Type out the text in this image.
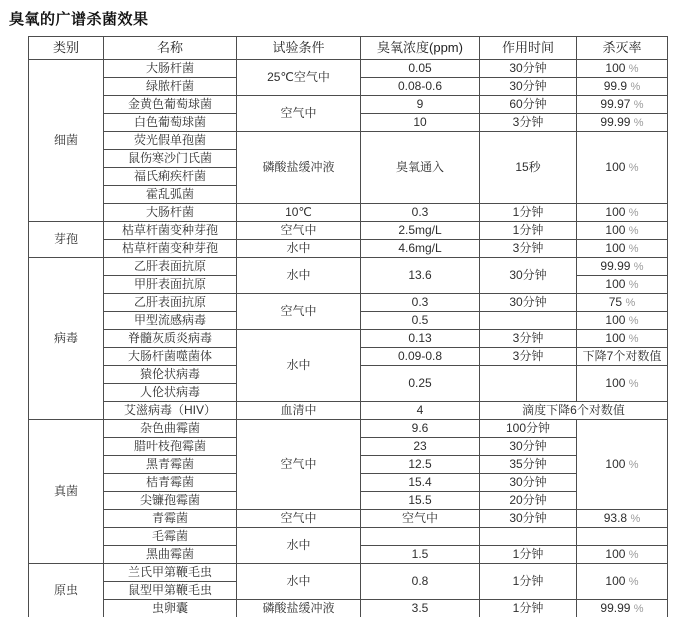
臭氧的广谱杀菌效果
类别	名称	试验条件	臭氧浓度(ppm)	作用时间	杀灭率
细菌	大肠杆菌	25℃空气中	0.05	30分钟	100 %
	绿脓杆菌		0.08-0.6	30分钟	99.9 %
	金黄色葡萄球菌	空气中	9	60分钟	99.97 %
	白色葡萄球菌		10	3分钟	99.99 %
	荧光假单孢菌	磷酸盐缓冲液	臭氧通入	15秒	100 %
	鼠伤寒沙门氏菌				
	福氏痢疾杆菌				
	霍乱弧菌				
	大肠杆菌	10℃	0.3	1分钟	100 %
芽孢	枯草杆菌变种芽孢	空气中	2.5mg/L	1分钟	100 %
	枯草杆菌变种芽孢	水中	4.6mg/L	3分钟	100 %
病毒	乙肝表面抗原	水中	13.6	30分钟	99.99 %
	甲肝表面抗原				100 %
	乙肝表面抗原	空气中	0.3	30分钟	75 %
	甲型流感病毒		0.5		100 %
	脊髓灰质炎病毒	水中	0.13	3分钟	100 %
	大肠杆菌噬菌体		0.09-0.8	3分钟	下降7个对数值
	猿伦状病毒		0.25		100 %
	人伦状病毒				
	艾滋病毒（HIV）	血清中	4	滴度下降6个对数值	
真菌	杂色曲霉菌	空气中	9.6	100分钟	100 %
	腊叶枝孢霉菌		23	30分钟	
	黑青霉菌		12.5	35分钟	
	桔青霉菌		15.4	30分钟	
	尖镰孢霉菌		15.5	20分钟	
	青霉菌	空气中	空气中	30分钟	93.8 %
	毛霉菌	水中			
	黑曲霉菌		1.5	1分钟	100 %
原虫	兰氏甲第鞭毛虫	水中	0.8	1分钟	100 %
	鼠型甲第鞭毛虫				
	虫卵囊	磷酸盐缓冲液	3.5	1分钟	99.99 %
